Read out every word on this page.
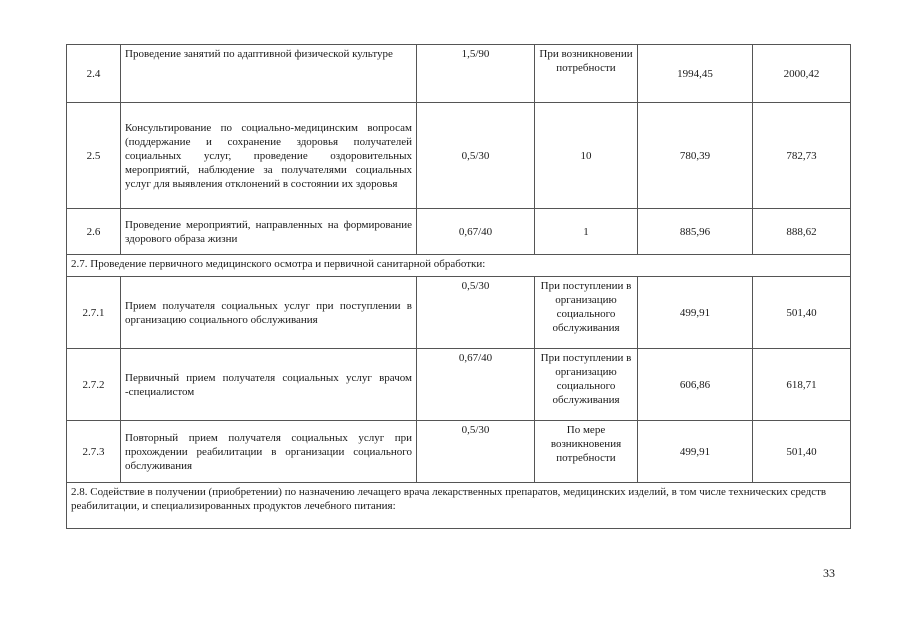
2.4	Проведение занятий по адаптивной физической культуре	1,5/90	При возникновении потребности	1994,45	2000,42
2.5	Консультирование по социально-медицинским вопросам (поддержание и сохранение здоровья получателей социальных услуг, проведение оздоровительных мероприятий, наблюдение за получателями социальных услуг для выявления отклонений в состоянии их здоровья	0,5/30	10	780,39	782,73
2.6	Проведение мероприятий, направленных на формирование здорового образа жизни	0,67/40	1	885,96	888,62
2.7. Проведение первичного медицинского осмотра и первичной санитарной обработки:					
2.7.1	Прием получателя социальных услуг при поступлении в организацию социального обслуживания	0,5/30	При поступлении в организацию социального обслуживания	499,91	501,40
2.7.2	Первичный прием получателя социальных услуг врачом -специалистом	0,67/40	При поступлении в организацию социального обслуживания	606,86	618,71
2.7.3	Повторный прием получателя социальных услуг при прохождении реабилитации в организации социального обслуживания	0,5/30	По мере возникновения потребности	499,91	501,40
2.8. Содействие в получении (приобретении) по назначению лечащего врача лекарственных препаратов, медицинских изделий, в том числе технических средств реабилитации, и специализированных продуктов лечебного питания:					
33
